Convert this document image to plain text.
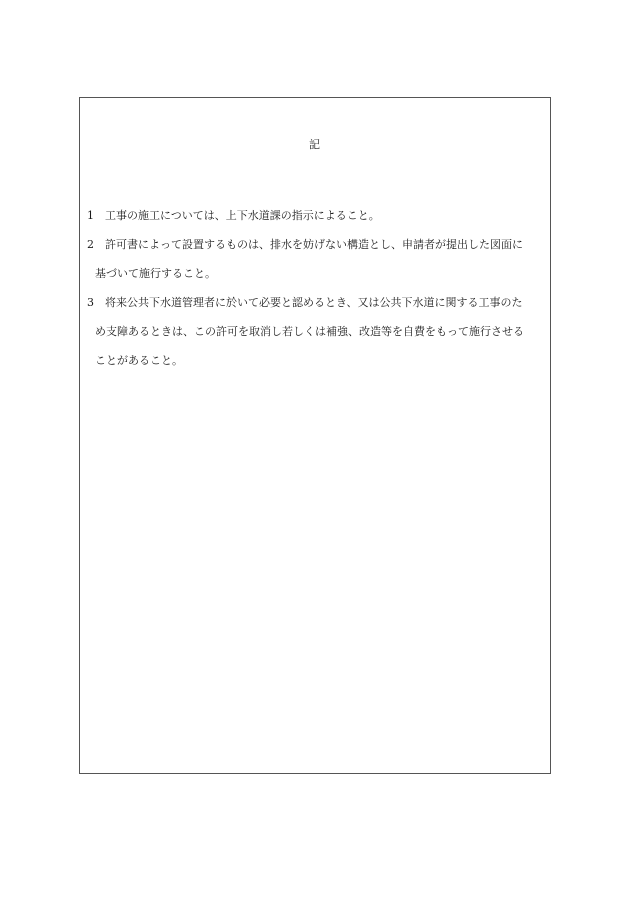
記
1	工事の施工については、上下水道課の指示によること。
2	許可書によって設置するものは、排水を妨げない構造とし、申請者が提出した図面に
基づいて施行すること。
3	将来公共下水道管理者に於いて必要と認めるとき、又は公共下水道に関する工事のた
め支障あるときは、この許可を取消し若しくは補強、改造等を自費をもって施行させる
ことがあること。
